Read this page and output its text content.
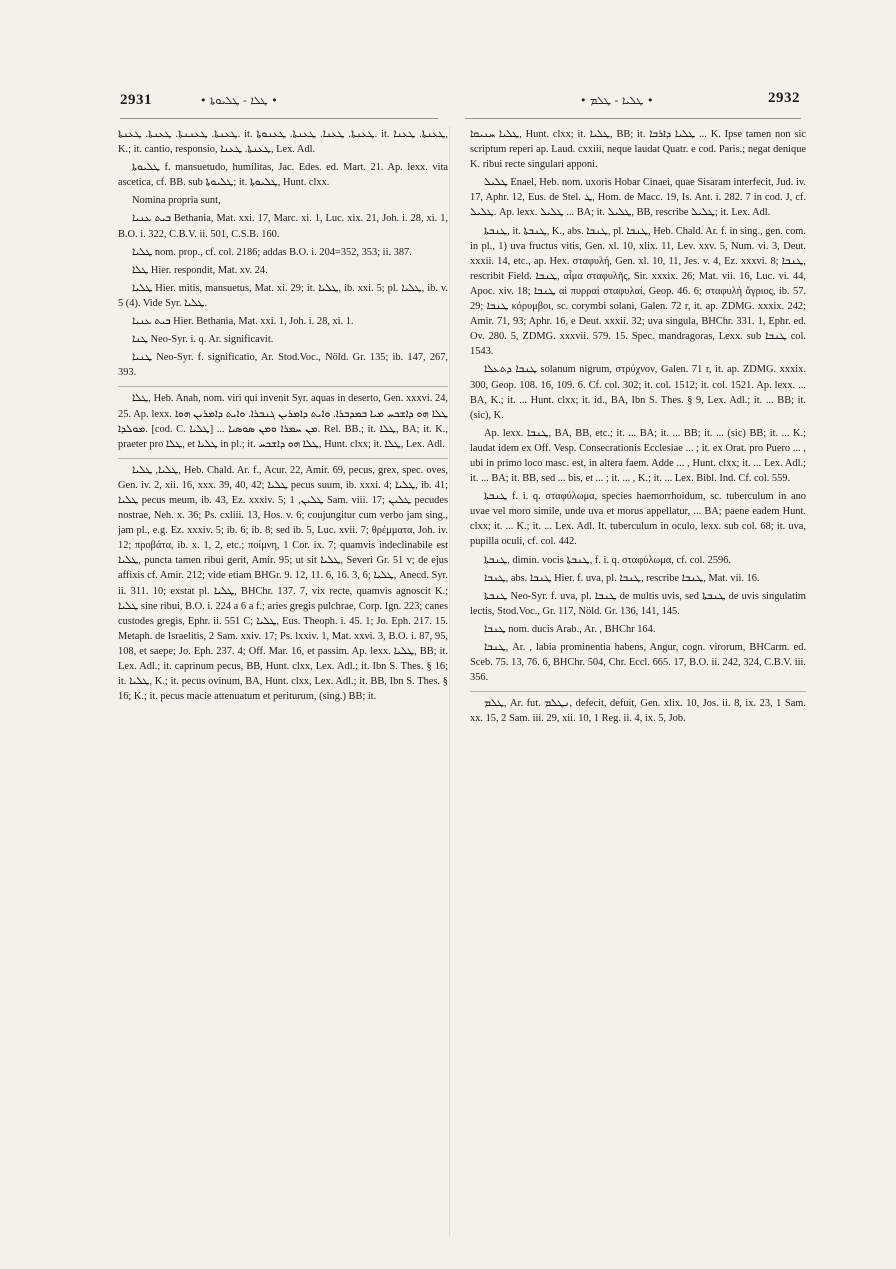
2931	• ܛܠܐ - ܛܠܝܘܬܐ •	• ܛܠܝܐ - ܛܠܡ •	2932

ܛܥܢܬܐ. ܛܥܢܢܬܐ. ܛܥܢܬܐ. ܛܥܢܬܐ. it. ܛܥܢܬܐ. ܛܥܢܐ. ܛܥܢܬܐ. ܛܥܢܘܬܐ. it. ܛܥܢܬܐ. ܛܥܢܐ, K.; it. cantio, responsio, ܛܥܢܬܐ. ܛܥܢܐ, Lex. Adl.

ܛܠܝܘܬܐ f. mansuetudo, humilitas, Jac. Edes. ed. Mart. 21. Ap. lexx. vita ascetica, cf. BB. sub ܛܠܝܘܬܐ; it. ܛܠܝܘܬܐ, Hunt. clxx.

Nomina propria sunt,

ܒܝܬ ܥܢܝܐ Bethania, Mat. xxi. 17, Marc. xi. 1, Luc. xix. 21, Joh. i. 28, xi. 1, B.O. i. 322, C.B.V. ii. 501, C.S.B. 160.

ܛܠܝܐ nom. prop., cf. col. 2186; addas B.O. i. 204=352, 353; ii. 387.

ܛܠܐ Hier. respondit, Mat. xv. 24.

ܛܠܝܐ Hier. mitis, mansuetus, Mat. xi. 29; it. ܛܠܝܐ, ib. xxi. 5; pl. ܛܠܝܐ, ib. v. 5 (4). Vide Syr. ܛܠܝܐ.

ܒܝܬ ܥܢܝܐ Hier. Bethania, Mat. xxi. 1, Joh. i. 28, xi. 1.

ܛܢܐ Neo-Syr. i. q. Ar. significavit.

ܛܢܝܐ Neo-Syr. f. significatio, Ar. Stod.Voc., Nöld. Gr. 135; ib. 147, 267, 393.

ܛܠܐ, Heb. Anah, nom. viri qui invenit Syr. aquas in deserto, Gen. xxxvi. 24, 25. Ap. lexx. ܛܠܐ ܗܘ ܕܐܫܟܚ ܡܝܐ ܒܡܕܒܪܐ. ܘܐܝܬ ܕܐܡܪܝܢ ܓܢܒܪܐ. ܘܐܝܬ ܕܐܡܪܝܢ ܗܘܐ ܡܘܠܕܐ. [cod. C. ܛܠܝܐ] ... ܡܢ ܚܡܪܐ ܘܡܢ ܣܘܣܝܐ. Rel. BB.; it. ܛܠܐ, BA; it. K., praeter pro ܛܠܐ, et ܛܠܝܐ in pl.; it. ܛܠܐ ܗܘ ܕܐܫܟܚ, Hunt. clxx; it. ܛܠܐ, Lex. Adl.

ܛܠܝܐ, ܛܠܝܐ, Heb. Chald. Ar. f., Acur. 22, Amir. 69, pecus, grex, spec. oves, Gen. iv. 2, xii. 16, xxx. 39, 40, 42; ܛܠܝܐ pecus suum, ib. xxxi. 4; ܛܠܝܐ, ib. 41; ܛܠܝܐ pecus meum, ib. 43, Ez. xxxiv. 5; ܛܠܝܢ, 1 Sam. viii. 17; ܛܠܝܢ pecudes nostrae, Neh. x. 36; Ps. cxliii. 13, Hos. v. 6; coujungitur cum verbo jam sing., jam pl., e.g. Ez. xxxiv. 5; ib. 6; ib. 8; sed ib. 5, Luc. xvii. 7; θρέμματα, Joh. iv. 12; προβάτα, ib. x. 1, 2, etc.; ποίμνη, 1 Cor. ix. 7; quamvis indeclinabile est ܛܠܝܐ, puncta tamen ribui gerit, Amir. 95; ut sit ܛܠܝܐ, Severi Gr. 51 v; de ejus affixis cf. Amir. 212; vide etiam BHGr. 9. 12, 11. 6, 16. 3, 6; ܛܠܝܐ, Anecd. Syr. ii. 311. 10; exstat pl. ܛܠܝܐ, BHChr. 137. 7, vix recte, quamvis agnoscit K.; ܛܠܝܐ sine ribui, B.O. i. 224 a 6 a f.; aries gregis pulchrae, Corp. Ign. 223; canes custodes gregis, Ephr. ii. 551 C; ܛܠܝܐ, Eus. Theoph. i. 45. 1; Jo. Eph. 217. 15. Metaph. de Israelitis, 2 Sam. xxiv. 17; Ps. lxxiv. 1, Mat. xxvi. 3, B.O. i. 87, 95, 108, et saepe; Jo. Eph. 237. 4; Off. Mar. 16, et passim. Ap. lexx. ܛܠܝܐ, BB; it. Lex. Adl.; it. caprinum pecus, BB, Hunt. clxx, Lex. Adl.; it. Ibn S. Thes. § 16; it. ܛܠܝܐ, K.; it. pecus ovinum, BA, Hunt. clxx, Lex. Adl.; it. BB, Ibn S. Thes. § 16; K.; it. pecus macie attenuatum et periturum, (sing.) BB; it.

ܛܠܝܐ ܚܢܝܩܐ, Hunt. clxx; it. ܛܠܝܐ, BB; it. ܛܠܝܐ ܕܐܪܒܐ ... K. Ipse tamen non sic scriptum reperi ap. Laud. cxxiii, neque laudat Quatr. e cod. Paris.; negat denique K. ribui recte singulari apponi.

ܛܠܝܠ Enael, Heb. nom. uxoris Hobar Cinaei, quae Sisaram interfecit, Jud. iv. 17, Aphr. 12, Eus. de Stel. ܛ, Hom. de Macc. 19, Is. Ant. i. 282. 7 in cod. J, cf. ܛܠܝܠ. Ap. lexx. ܛܠܝܠ ... BA; it. ܛܠܝܠ, BB, rescribe ܛܠܝܠ; it. Lex. Adl.

ܛܢܒܬܐ, it. ܛܢܒܬܐ, K., abs. ܛܢܒܐ, pl. ܛܢܒܐ, Heb. Chald. Ar. f. in sing., gen. com. in pl., 1) uva fructus vitis, Gen. xl. 10, xlix. 11, Lev. xxv. 5, Num. vi. 3, Deut. xxxii. 14, etc., ap. Hex. σταφυλή, Gen. xl. 10, 11, Jes. v. 4, Ez. xxxvi. 8; ܛܢܒܐ, rescribit Field. ܛܢܒܐ, αἷμα σταφυλῆς, Sir. xxxix. 26; Mat. vii. 16, Luc. vi. 44, Apoc. xiv. 18; ܛܢܒܐ αἱ πυρραὶ σταφυλαί, Geop. 46. 6; σταφυλὴ ἄγριος, ib. 57. 29; ܛܢܒܐ κόρυμβοι, sc. corymbi solani, Galen. 72 r, it. ap. ZDMG. xxxix. 242; Amir. 71, 93; Aphr. 16, e Deut. xxxii. 32; uva singula, BHChr. 331. 1, Ephr. ed. Ov. 280. 5, ZDMG. xxxvii. 579. 15. Spec. mandragoras, Lexx. sub ܛܢܒܐ col. 1543.

ܛܢܒܐ ܕܬܥܠܐ solanum nigrum, στρύχνον, Galen. 71 r, it. ap. ZDMG. xxxix. 300, Geop. 108. 16, 109. 6. Cf. col. 302; it. col. 1512; it. col. 1521. Ap. lexx. ... BA, K.; it. ... Hunt. clxx; it. id., BA, Ibn S. Thes. § 9, Lex. Adl.; it. ... BB; it. (sic), K.

Ap. lexx. ܛܢܒܐ, BA, BB, etc.; it. ... BA; it. ... BB; it. ... (sic) BB; it. ... K.; laudat idem ex Off. Vesp. Consecrationis Ecclesiae ... ; it. ex Orat. pro Puero ... , ubi in primo loco masc. est, in altera faem. Adde ... , Hunt. clxx; it. ... Lex. Adl.; it. ... BA; it. BB, sed ... bis, et ... ; it. ... , K.; it. ... Lex. Bibl. Ind. Cf. col. 559.

ܛܢܒܬܐ f. i. q. σταφύλωμα, species haemorrhoidum, sc. tuberculum in ano uvae vel moro simile, unde uva et morus appellatur, ... BA; paene eadem Hunt. clxx; it. ... K.; it. ... Lex. Adl. It. tuberculum in oculo, lexx. sub col. 68; it. uva, pupilla oculi, cf. col. 442.

ܛܢܒܬܐ, dimin. vocis ܛܢܒܬܐ, f. i. q. σταφύλωμα, cf. col. 2596.

ܛܢܒܐ, abs. ܛܢܒܐ Hier. f. uva, pl. ܛܢܒܐ, rescribe ܛܢܒܐ, Mat. vii. 16.

ܛܢܒܬܐ Neo-Syr. f. uva, pl. ܛܢܒܐ de multis uvis, sed ܛܢܒܬܐ de uvis singulatim lectis, Stod.Voc., Gr. 117, Nöld. Gr. 136, 141, 145.

ܛܢܒܐ nom. ducis Arab., Ar. , BHChr 164.

ܛܢܒܐ, Ar. , labia prominentia habens, Angur, cogn. virorum, BHCarm. ed. Sceb. 75. 13, 76. 6, BHChr. 504, Chr. Eccl. 665. 17, B.O. ii. 242, 324, C.B.V. iii. 356.

ܛܠܡ, Ar. fut. ܢܛܠܡ, defecit, defuit, Gen. xlix. 10, Jos. ii. 8, ix. 23, 1 Sam. xx. 15, 2 Sam. iii. 29, xii. 10, 1 Reg. ii. 4, ix. 5, Job.
